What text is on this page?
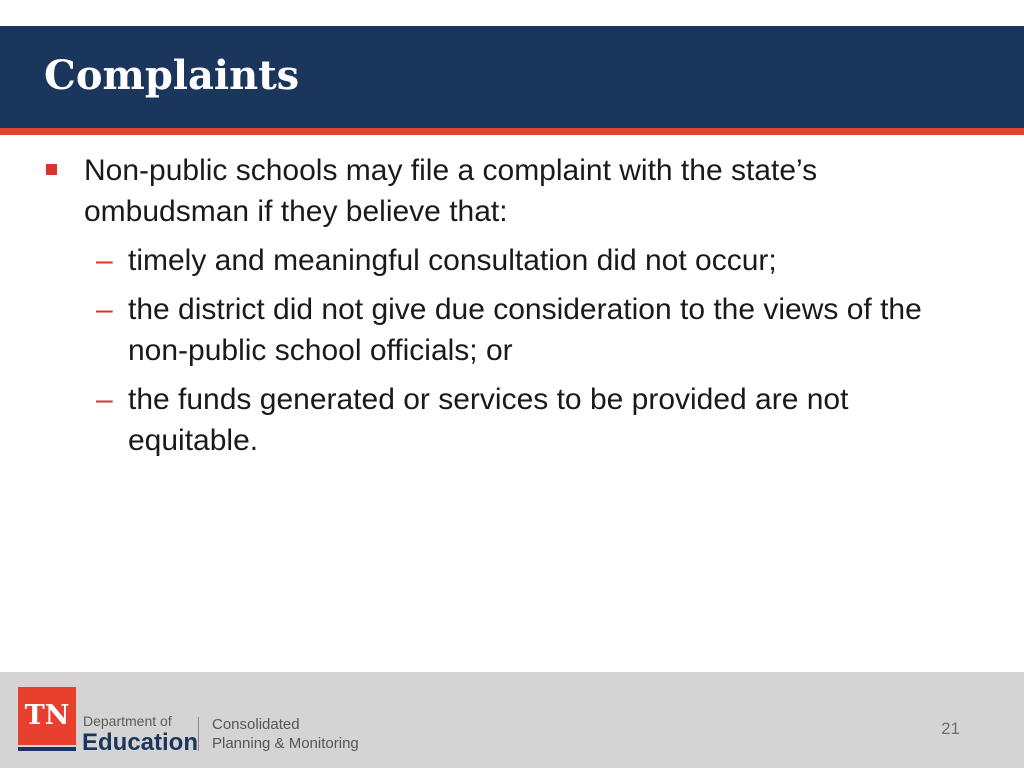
Complaints
Non-public schools may file a complaint with the state’s ombudsman if they believe that:
– timely and meaningful consultation did not occur;
– the district did not give due consideration to the views of the non-public school officials; or
– the funds generated or services to be provided are not equitable.
TN Department of
Education
Consolidated
Planning & Monitoring
21
